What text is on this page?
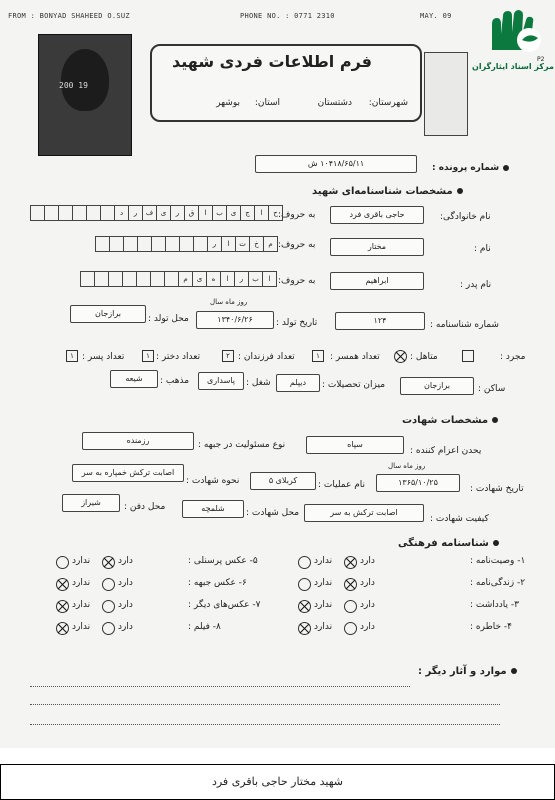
FROM : BONYAD SHAHEED O.SUZ	PHONE NO. : 0771 2310	MAY. 09
200 19
فرم اطلاعات فردی شهید
شهرستان:
دشتستان
استان:
بوشهر
P2
مرکز اسناد ایثارگران
شماره پرونده :
۱۰۴۱۸/۶۵/۱۱ ش
مشخصات شناسنامه‌ای شهید
نام خانوادگی:
حاجی باقری فرد
به حروف:
د	ر	ف	ی	ر	ق	ا	ب	ی	ج	ا	ح
نام :
مختار
به حروف:
ر	ا	ت	خ	م
نام پدر :
ابراهیم
به حروف:
م	ی	ه	ا	ر	ب	ا
شماره شناسنامه :
۱۲۴
تاریخ تولد :
روز ماه سال
۱۳۴۰/۶/۲۶
محل تولد :
برازجان
مجرد :
متاهل :
تعداد همسر :
۱
تعداد فرزندان :
۲
تعداد دختر :
۱
تعداد پسر :
۱
ساکن :
برازجان
میزان تحصیلات :
دیپلم
شغل :
پاسداری
مذهب :
شیعه
مشخصات شهادت
یحدن اعزام کننده :
سپاه
نوع مسئولیت در جبهه :
رزمنده
تاریخ شهادت :
روز ماه سال
۱۳۶۵/۱۰/۲۵
نام عملیات :
کربلای ۵
نحوه شهادت :
اصابت ترکش خمپاره به سر
کیفیت شهادت :
اصابت ترکش به سر
محل شهادت :
شلمچه
محل دفن :
شیراز
شناسنامه فرهنگی
۱- وصیت‌نامه :
دارد
ندارد
۲- زندگی‌نامه :
دارد
ندارد
۳- یادداشت :
دارد
ندارد
۴- خاطره :
دارد
ندارد
۵- عکس پرسنلی :
دارد
ندارد
۶- عکس جبهه :
دارد
ندارد
۷- عکس‌های دیگر :
دارد
ندارد
۸- فیلم :
دارد
ندارد
موارد و آثار دیگر :
شهید مختار حاجی باقری فرد
